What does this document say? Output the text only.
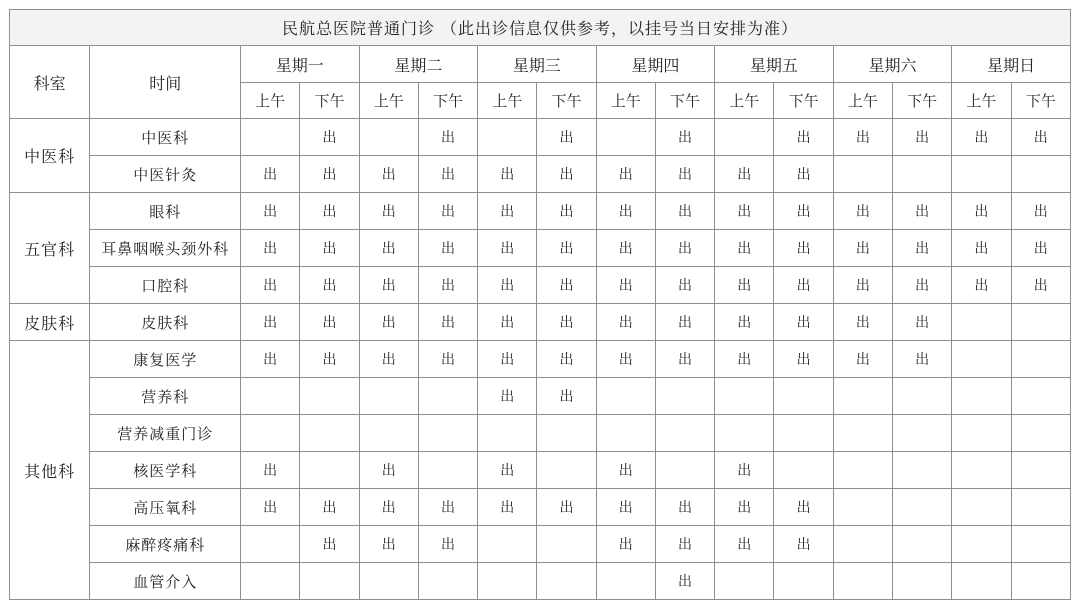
民航总医院普通门诊 （此出诊信息仅供参考，以挂号当日安排为准）															
科室	时间	星期一		星期二		星期三		星期四		星期五		星期六		星期日	
		上午	下午	上午	下午	上午	下午	上午	下午	上午	下午	上午	下午	上午	下午
中医科	中医科		出		出		出		出		出	出	出	出	出
	中医针灸	出	出	出	出	出	出	出	出	出	出				
五官科	眼科	出	出	出	出	出	出	出	出	出	出	出	出	出	出
	耳鼻咽喉头颈外科	出	出	出	出	出	出	出	出	出	出	出	出	出	出
	口腔科	出	出	出	出	出	出	出	出	出	出	出	出	出	出
皮肤科	皮肤科	出	出	出	出	出	出	出	出	出	出	出	出		
其他科	康复医学	出	出	出	出	出	出	出	出	出	出	出	出		
	营养科					出	出								
	营养减重门诊														
	核医学科	出		出		出		出		出					
	高压氧科	出	出	出	出	出	出	出	出	出	出				
	麻醉疼痛科		出	出	出			出	出	出	出				
	血管介入								出						
